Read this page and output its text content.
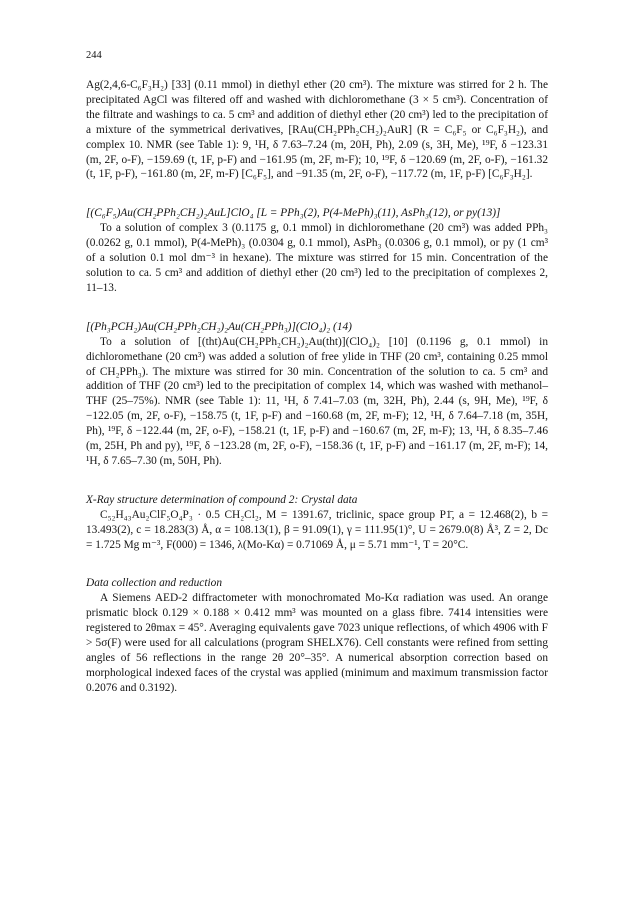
244

Ag(2,4,6-C₆F₃H₂) [33] (0.11 mmol) in diethyl ether (20 cm³). The mixture was stirred for 2 h. The precipitated AgCl was filtered off and washed with dichloromethane (3 × 5 cm³). Concentration of the filtrate and washings to ca. 5 cm³ and addition of diethyl ether (20 cm³) led to the precipitation of a mixture of the symmetrical derivatives, [RAu(CH₂PPh₂CH₂)₂AuR] (R = C₆F₅ or C₆F₃H₂), and complex 10. NMR (see Table 1): 9, ¹H, δ 7.63–7.24 (m, 20H, Ph), 2.09 (s, 3H, Me), ¹⁹F, δ −123.31 (m, 2F, o-F), −159.69 (t, 1F, p-F) and −161.95 (m, 2F, m-F); 10, ¹⁹F, δ −120.69 (m, 2F, o-F), −161.32 (t, 1F, p-F), −161.80 (m, 2F, m-F) [C₆F₅], and −91.35 (m, 2F, o-F), −117.72 (m, 1F, p-F) [C₆F₃H₂].

[(C₆F₅)Au(CH₂PPh₂CH₂)₂AuL]ClO₄ [L = PPh₃(2), P(4-MePh)₃(11), AsPh₃(12), or py(13)]

To a solution of complex 3 (0.1175 g, 0.1 mmol) in dichloromethane (20 cm³) was added PPh₃ (0.0262 g, 0.1 mmol), P(4-MePh)₃ (0.0304 g, 0.1 mmol), AsPh₃ (0.0306 g, 0.1 mmol), or py (1 cm³ of a solution 0.1 mol dm⁻³ in hexane). The mixture was stirred for 15 min. Concentration of the solution to ca. 5 cm³ and addition of diethyl ether (20 cm³) led to the precipitation of complexes 2, 11–13.

[(Ph₃PCH₂)Au(CH₂PPh₂CH₂)₂Au(CH₂PPh₃)](ClO₄)₂ (14)

To a solution of [(tht)Au(CH₂PPh₂CH₂)₂Au(tht)](ClO₄)₂ [10] (0.1196 g, 0.1 mmol) in dichloromethane (20 cm³) was added a solution of free ylide in THF (20 cm³, containing 0.25 mmol of CH₂PPh₃). The mixture was stirred for 30 min. Concentration of the solution to ca. 5 cm³ and addition of THF (20 cm³) led to the precipitation of complex 14, which was washed with methanol–THF (25–75%). NMR (see Table 1): 11, ¹H, δ 7.41–7.03 (m, 32H, Ph), 2.44 (s, 9H, Me), ¹⁹F, δ −122.05 (m, 2F, o-F), −158.75 (t, 1F, p-F) and −160.68 (m, 2F, m-F); 12, ¹H, δ 7.64–7.18 (m, 35H, Ph), ¹⁹F, δ −122.44 (m, 2F, o-F), −158.21 (t, 1F, p-F) and −160.67 (m, 2F, m-F); 13, ¹H, δ 8.35–7.46 (m, 25H, Ph and py), ¹⁹F, δ −123.28 (m, 2F, o-F), −158.36 (t, 1F, p-F) and −161.17 (m, 2F, m-F); 14, ¹H, δ 7.65–7.30 (m, 50H, Ph).

X-Ray structure determination of compound 2: Crystal data

C₅₂H₄₃Au₂ClF₅O₄P₃ · 0.5 CH₂Cl₂, M = 1391.67, triclinic, space group P1̄, a = 12.468(2), b = 13.493(2), c = 18.283(3) Å, α = 108.13(1), β = 91.09(1), γ = 111.95(1)°, U = 2679.0(8) Å³, Z = 2, Dc = 1.725 Mg m⁻³, F(000) = 1346, λ(Mo-Kα) = 0.71069 Å, μ = 5.71 mm⁻¹, T = 20°C.

Data collection and reduction

A Siemens AED-2 diffractometer with monochromated Mo-Kα radiation was used. An orange prismatic block 0.129 × 0.188 × 0.412 mm³ was mounted on a glass fibre. 7414 intensities were registered to 2θmax = 45°. Averaging equivalents gave 7023 unique reflections, of which 4906 with F > 5σ(F) were used for all calculations (program SHELX76). Cell constants were refined from setting angles of 56 reflections in the range 2θ 20°–35°. A numerical absorption correction based on morphological indexed faces of the crystal was applied (minimum and maximum transmission factor 0.2076 and 0.3192).
